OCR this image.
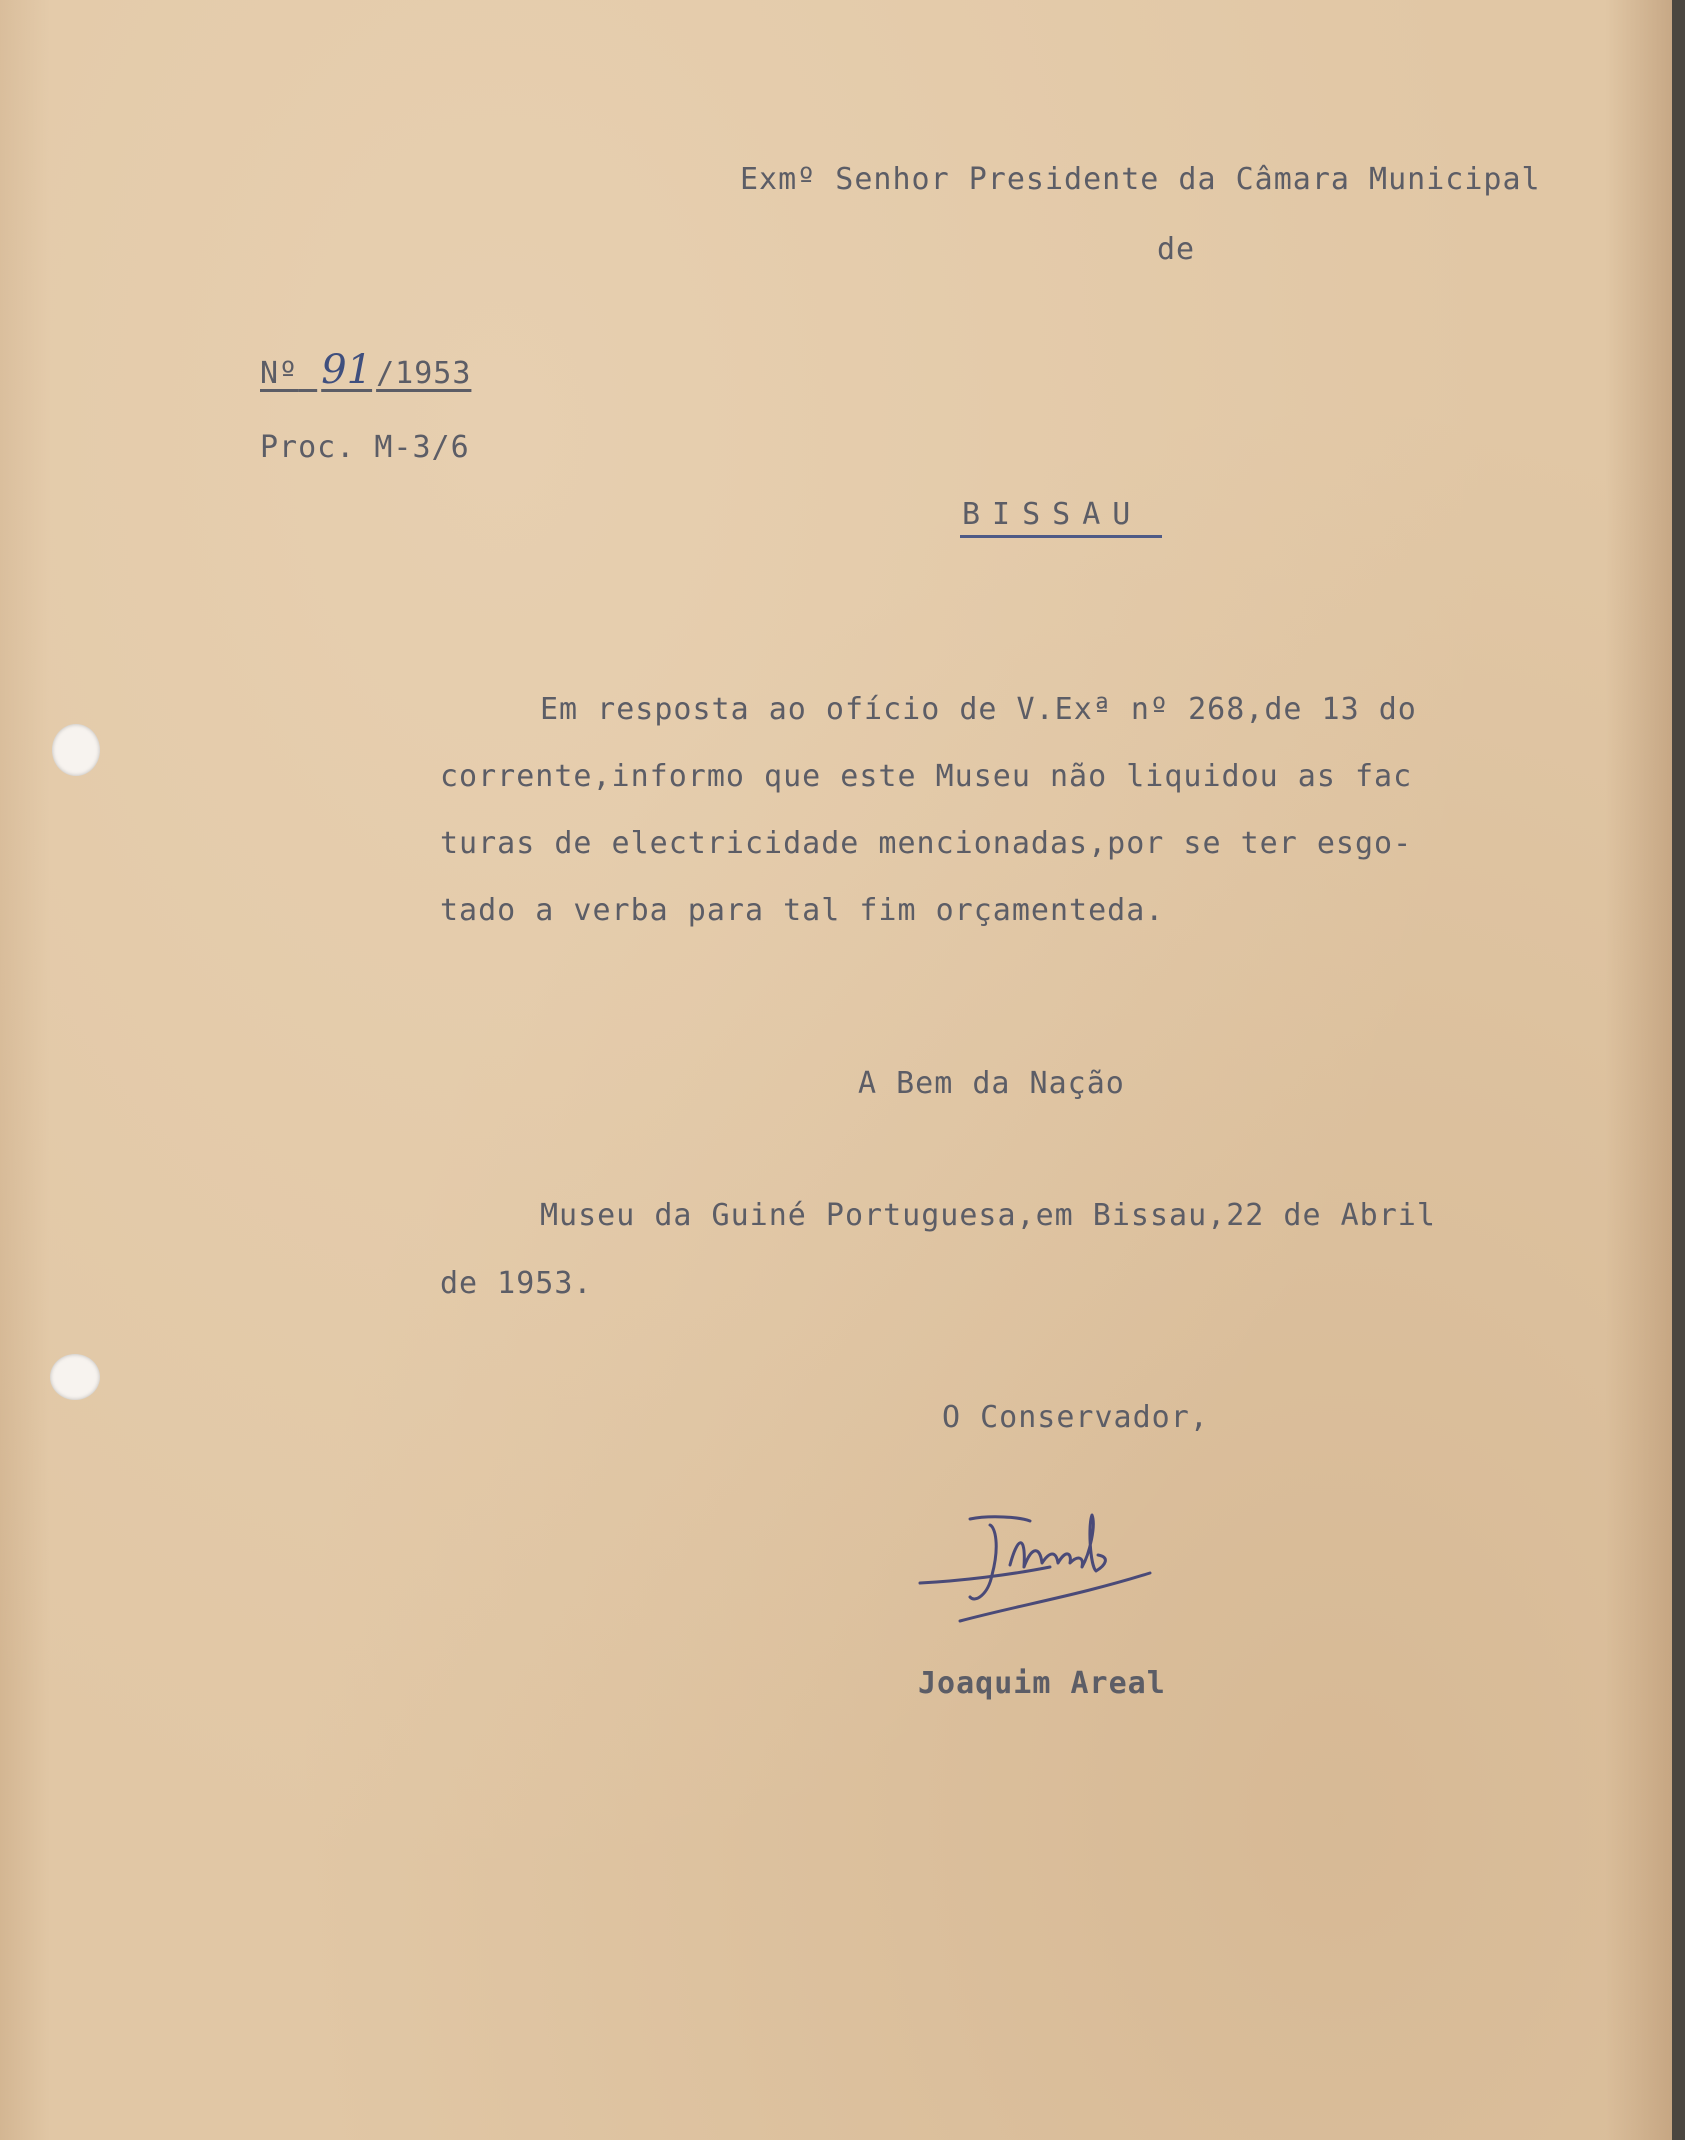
Exmº Senhor Presidente da Câmara Municipal
de
Nº 91 /1953
Proc. M-3/6
BISSAU
Em resposta ao ofício de V.Exª nº 268,de 13 do
corrente,informo que este Museu não liquidou as fac
turas de electricidade mencionadas,por se ter esgo-
tado a verba para tal fim orçamenteda.
A Bem da Nação
Museu da Guiné Portuguesa,em Bissau,22 de Abril
de 1953.
O Conservador,
Joaquim Areal
